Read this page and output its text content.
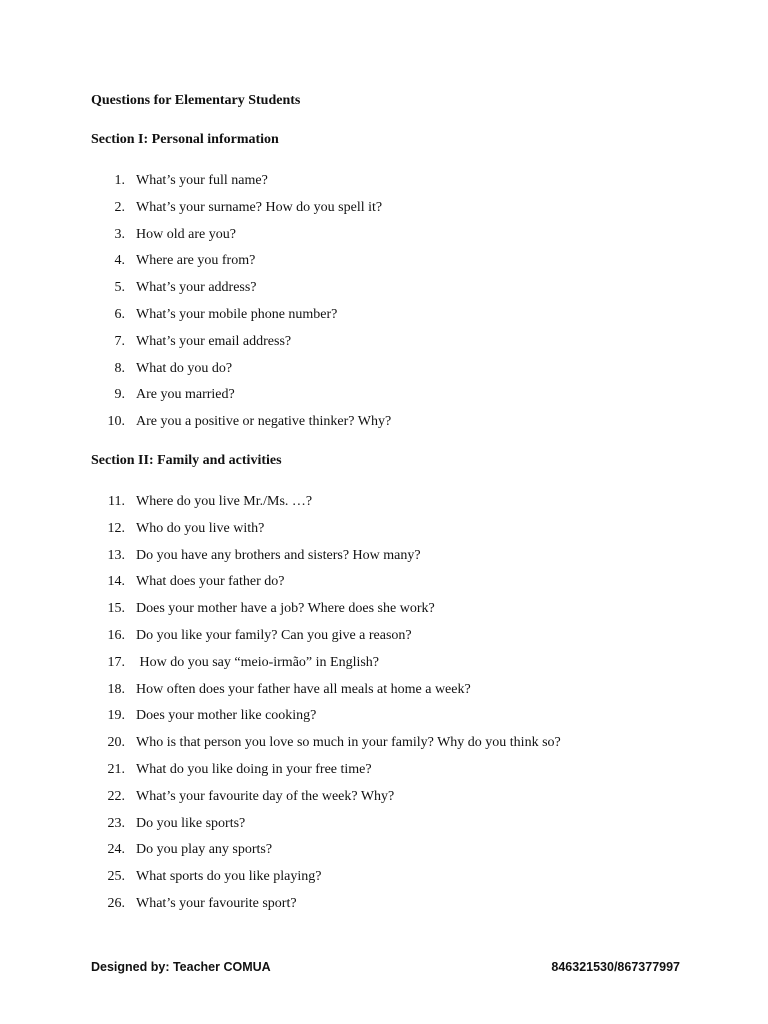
Questions for Elementary Students
Section I: Personal information
1. What’s your full name?
2. What’s your surname? How do you spell it?
3. How old are you?
4. Where are you from?
5. What’s your address?
6. What’s your mobile phone number?
7. What’s your email address?
8. What do you do?
9. Are you married?
10. Are you a positive or negative thinker? Why?
Section II: Family and activities
11. Where do you live Mr./Ms. …?
12. Who do you live with?
13. Do you have any brothers and sisters? How many?
14. What does your father do?
15. Does your mother have a job? Where does she work?
16. Do you like your family? Can you give a reason?
17. How do you say “meio-irmão” in English?
18. How often does your father have all meals at home a week?
19. Does your mother like cooking?
20. Who is that person you love so much in your family? Why do you think so?
21. What do you like doing in your free time?
22. What’s your favourite day of the week? Why?
23. Do you like sports?
24. Do you play any sports?
25. What sports do you like playing?
26. What’s your favourite sport?
Designed by: Teacher COMUA	846321530/867377997
